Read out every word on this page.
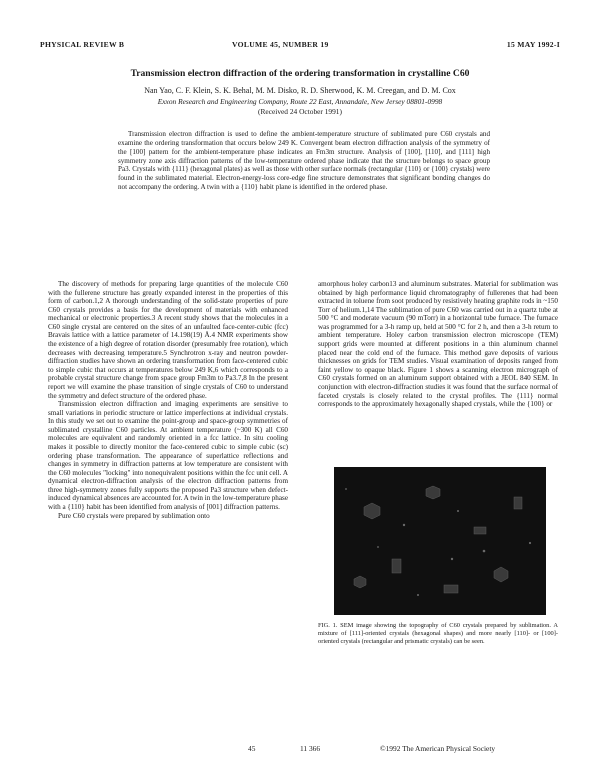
PHYSICAL REVIEW B	VOLUME 45, NUMBER 19	15 MAY 1992-I
Transmission electron diffraction of the ordering transformation in crystalline C60
Nan Yao, C. F. Klein, S. K. Behal, M. M. Disko, R. D. Sherwood, K. M. Creegan, and D. M. Cox
Exxon Research and Engineering Company, Route 22 East, Annandale, New Jersey 08801-0998
(Received 24 October 1991)
Transmission electron diffraction is used to define the ambient-temperature structure of sublimated pure C60 crystals and examine the ordering transformation that occurs below 249 K. Convergent beam electron diffraction analysis of the symmetry of the [100] pattern for the ambient-temperature phase indicates an Fm3m structure. Analysis of [100], [110], and [111] high symmetry zone axis diffraction patterns of the low-temperature ordered phase indicate that the structure belongs to space group Pa3. Crystals with {111} (hexagonal plates) as well as those with other surface normals (rectangular {110} or {100} crystals) were found in the sublimated material. Electron-energy-loss core-edge fine structure demonstrates that significant bonding changes do not accompany the ordering. A twin with a {110} habit plane is identified in the ordered phase.

The discovery of methods for preparing large quantities of the molecule C60 with the fullerene structure has greatly expanded interest in the properties of this form of carbon.1,2 A thorough understanding of the solid-state properties of pure C60 crystals provides a basis for the development of materials with enhanced mechanical or electronic properties.3 A recent study shows that the molecules in a C60 single crystal are centered on the sites of an unfaulted face-center-cubic (fcc) Bravais lattice with a lattice parameter of 14.198(19) Å.4 NMR experiments show the existence of a high degree of rotation disorder (presumably free rotation), which decreases with decreasing temperature.5 Synchrotron x-ray and neutron powder-diffraction studies have shown an ordering transformation from face-centered cubic to simple cubic that occurs at temperatures below 249 K,6 which corresponds to a probable crystal structure change from space group Fm3m to Pa3.7,8 In the present report we will examine the phase transition of single crystals of C60 to understand the symmetry and defect structure of the ordered phase.

Transmission electron diffraction and imaging experiments are sensitive to small variations in periodic structure or lattice imperfections at individual crystals. In this study we set out to examine the point-group and space-group symmetries of sublimated crystalline C60 particles. At ambient temperature (~300 K) all C60 molecules are equivalent and randomly oriented in a fcc lattice. In situ cooling makes it possible to directly monitor the face-centered cubic to simple cubic (sc) ordering phase transformation. The appearance of superlattice reflections and changes in symmetry in diffraction patterns at low temperature are consistent with the C60 molecules "locking" into nonequivalent positions within the fcc unit cell. A dynamical electron-diffraction analysis of the electron diffraction patterns from three high-symmetry zones fully supports the proposed Pa3 structure when defect-induced dynamical absences are accounted for. A twin in the low-temperature phase with a {110} habit has been identified from analysis of [001] diffraction patterns.

Pure C60 crystals were prepared by sublimation onto

amorphous holey carbon13 and aluminum substrates. Material for sublimation was obtained by high performance liquid chromatography of fullerenes that had been extracted in toluene from soot produced by resistively heating graphite rods in ~150 Torr of helium.1,14 The sublimation of pure C60 was carried out in a quartz tube at 500 °C and moderate vacuum (90 mTorr) in a horizontal tube furnace. The furnace was programmed for a 3-h ramp up, held at 500 °C for 2 h, and then a 3-h return to ambient temperature. Holey carbon transmission electron microscope (TEM) support grids were mounted at different positions in a thin aluminum channel placed near the cold end of the furnace. This method gave deposits of various thicknesses on grids for TEM studies. Visual examination of deposits ranged from faint yellow to opaque black. Figure 1 shows a scanning electron micrograph of C60 crystals formed on an aluminum support obtained with a JEOL 840 SEM. In conjunction with electron-diffraction studies it was found that the surface normal of faceted crystals is closely related to the crystal profiles. The {111} normal corresponds to the approximately hexagonally shaped crystals, while the {100} or

FIG. 1. SEM image showing the topography of C60 crystals prepared by sublimation. A mixture of [111]-oriented crystals (hexagonal shapes) and more nearly [110]- or [100]-oriented crystals (rectangular and prismatic crystals) can be seen.
45	11 366	©1992 The American Physical Society
